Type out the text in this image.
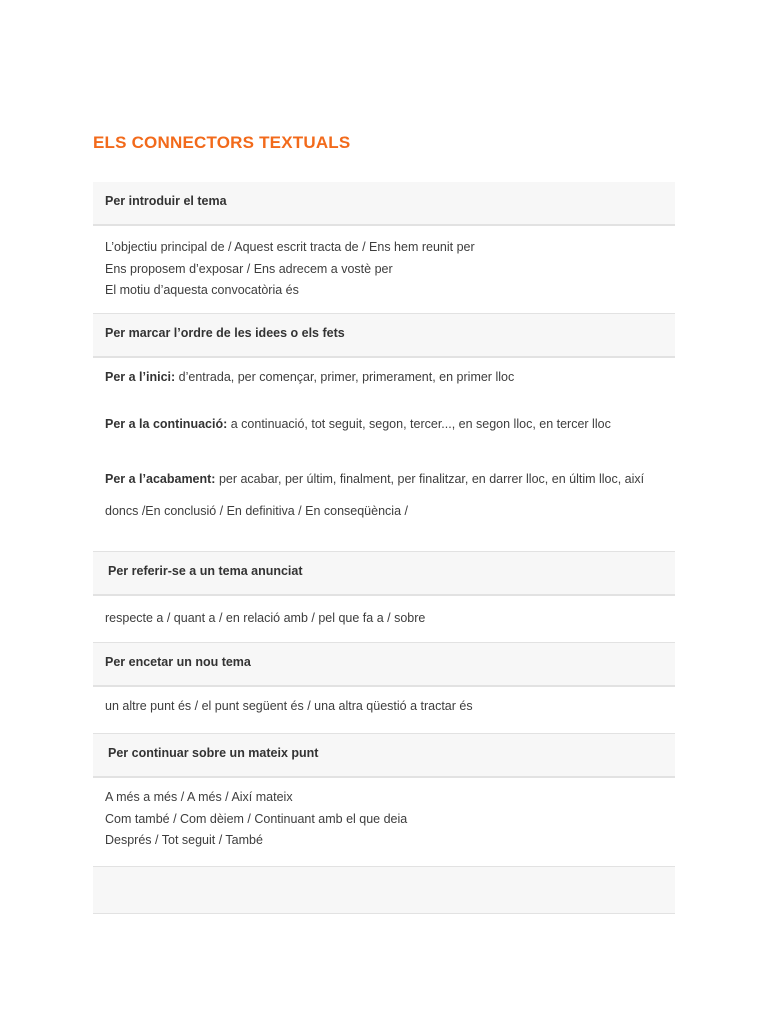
ELS CONNECTORS TEXTUALS
Per introduir el tema
L’objectiu principal de / Aquest escrit tracta de / Ens hem reunit per
Ens proposem d’exposar / Ens adrecem a vostè per
El motiu d’aquesta convocatòria és
Per marcar l’ordre de les idees o els fets

Per a l’inici: d’entrada, per començar, primer, primerament, en primer lloc

Per a la continuació: a continuació, tot seguit, segon, tercer..., en segon lloc, en tercer lloc

Per a l’acabament: per acabar, per últim, finalment, per finalitzar, en darrer lloc, en últim lloc, així doncs /En conclusió / En definitiva / En conseqüència /

Per referir-se a un tema anunciat
respecte a / quant a / en relació amb / pel que fa a / sobre
Per encetar un nou tema
un altre punt és / el punt següent és / una altra qüestió a tractar és
Per continuar sobre un mateix punt
A més a més / A més / Així mateix
Com també / Com dèiem / Continuant amb el que deia
Després / Tot seguit / També
